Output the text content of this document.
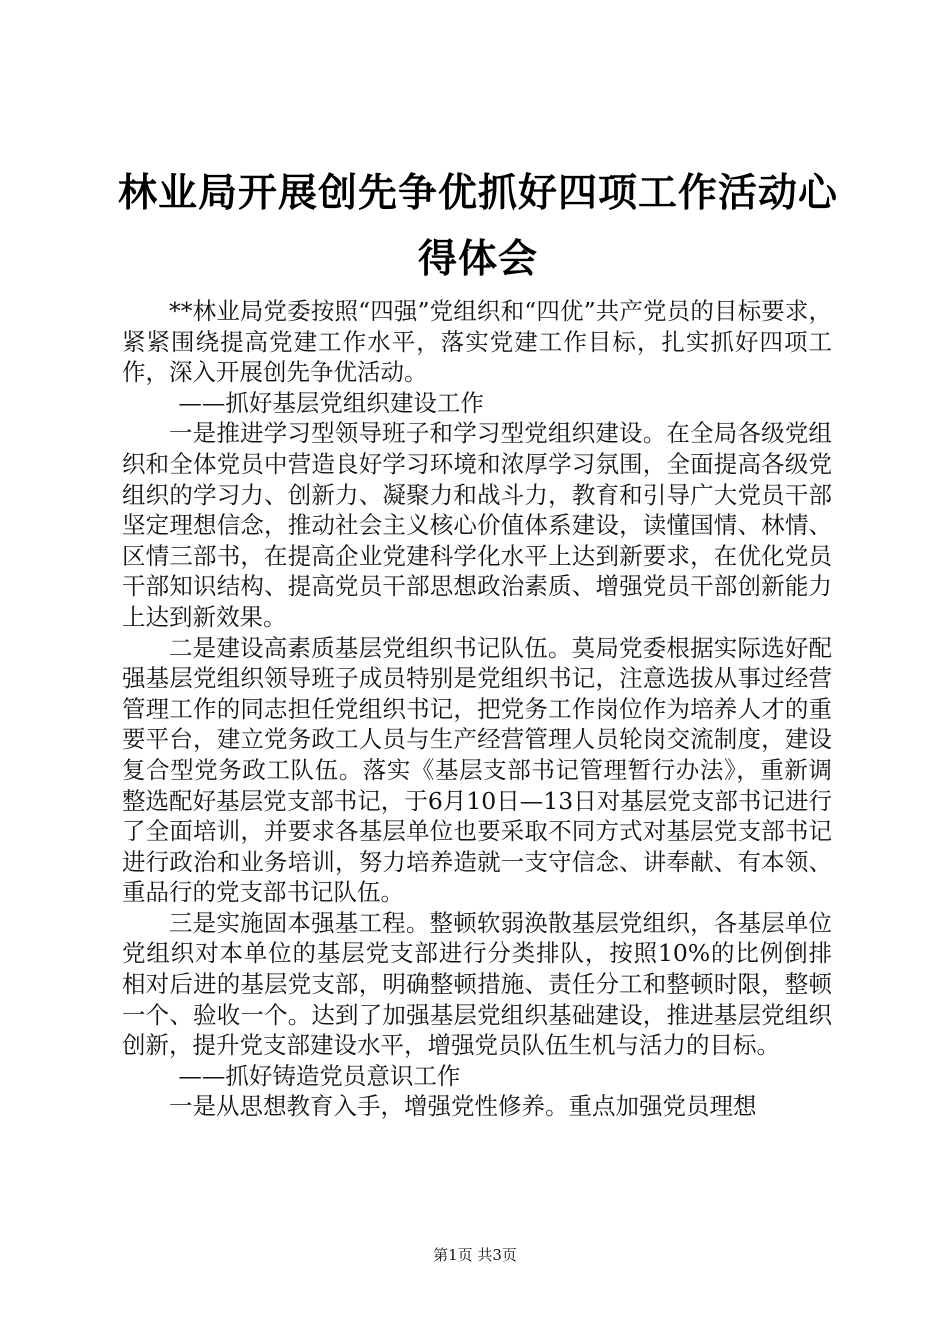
林业局开展创先争优抓好四项工作活动心得体会

**林业局党委按照“四强”党组织和“四优”共产党员的目标要求，紧紧围绕提高党建工作水平，落实党建工作目标，扎实抓好四项工作，深入开展创先争优活动。

——抓好基层党组织建设工作

一是推进学习型领导班子和学习型党组织建设。在全局各级党组织和全体党员中营造良好学习环境和浓厚学习氛围，全面提高各级党组织的学习力、创新力、凝聚力和战斗力，教育和引导广大党员干部坚定理想信念，推动社会主义核心价值体系建设，读懂国情、林情、区情三部书，在提高企业党建科学化水平上达到新要求，在优化党员干部知识结构、提高党员干部思想政治素质、增强党员干部创新能力上达到新效果。

二是建设高素质基层党组织书记队伍。莫局党委根据实际选好配强基层党组织领导班子成员特别是党组织书记，注意选拔从事过经营管理工作的同志担任党组织书记，把党务工作岗位作为培养人才的重要平台，建立党务政工人员与生产经营管理人员轮岗交流制度，建设复合型党务政工队伍。落实《基层支部书记管理暂行办法》，重新调整选配好基层党支部书记，于6月10日—13日对基层党支部书记进行了全面培训，并要求各基层单位也要采取不同方式对基层党支部书记进行政治和业务培训，努力培养造就一支守信念、讲奉献、有本领、重品行的党支部书记队伍。

三是实施固本强基工程。整顿软弱涣散基层党组织，各基层单位党组织对本单位的基层党支部进行分类排队，按照10%的比例倒排相对后进的基层党支部，明确整顿措施、责任分工和整顿时限，整顿一个、验收一个。达到了加强基层党组织基础建设，推进基层党组织创新，提升党支部建设水平，增强党员队伍生机与活力的目标。

——抓好铸造党员意识工作

一是从思想教育入手，增强党性修养。重点加强党员理想

第1页 共3页
